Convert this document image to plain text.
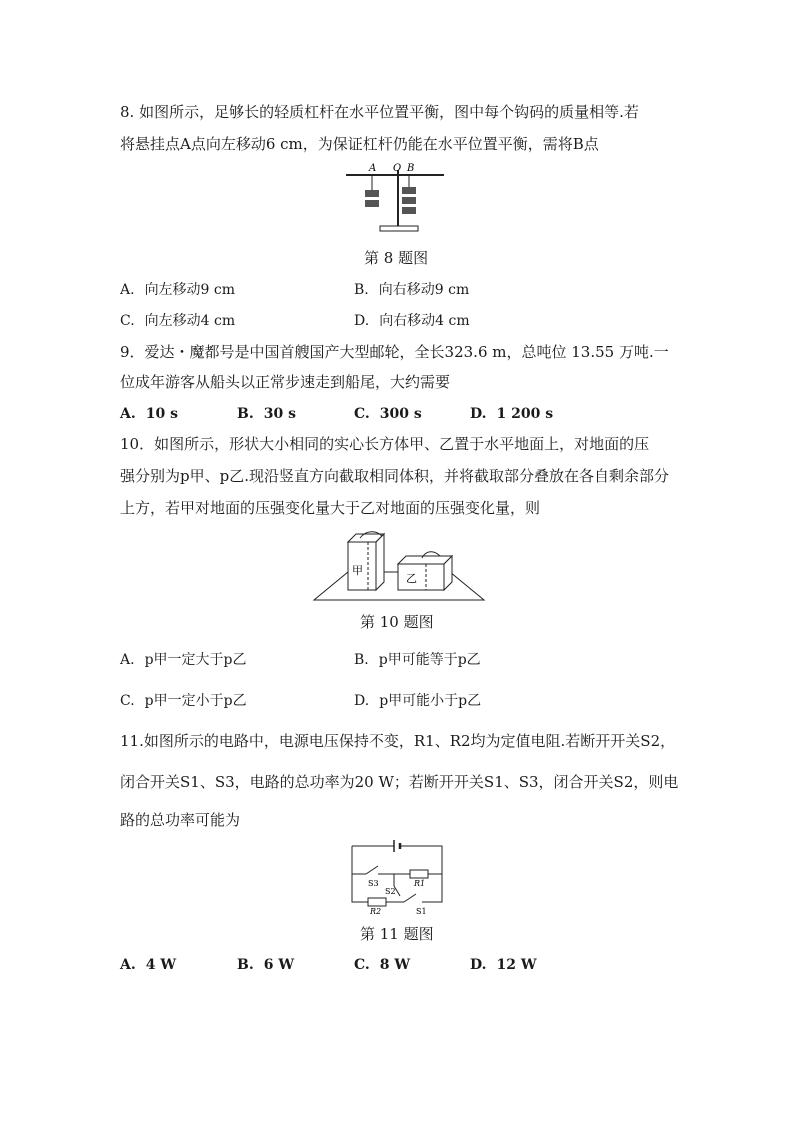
8. 如图所示，足够长的轻质杠杆在水平位置平衡，图中每个钩码的质量相等.若
将悬挂点A点向左移动6 cm，为保证杠杆仍能在水平位置平衡，需将B点
A O B
第 8 题图
A. 向左移动9 cm	B. 向右移动9 cm
C. 向左移动4 cm	D. 向右移动4 cm
9．爱达・魔都号是中国首艘国产大型邮轮，全长323.6 m，总吨位 13.55 万吨.一
位成年游客从船头以正常步速走到船尾，大约需要
A. 10 s	B. 30 s	C. 300 s	D. 1 200 s
10．如图所示，形状大小相同的实心长方体甲、乙置于水平地面上，对地面的压
强分别为p甲、p乙.现沿竖直方向截取相同体积，并将截取部分叠放在各自剩余部分
上方，若甲对地面的压强变化量大于乙对地面的压强变化量，则
甲
乙
第 10 题图
A. p甲一定大于p乙	B. p甲可能等于p乙
C. p甲一定小于p乙	D. p甲可能小于p乙
11.如图所示的电路中，电源电压保持不变，R1、R2均为定值电阻.若断开开关S2，
闭合开关S1、S3，电路的总功率为20 W；若断开开关S1、S3，闭合开关S2，则电
路的总功率可能为
S3
S2
R1
R2	S1
第 11 题图
A. 4 W	B. 6 W	C. 8 W	D. 12 W
